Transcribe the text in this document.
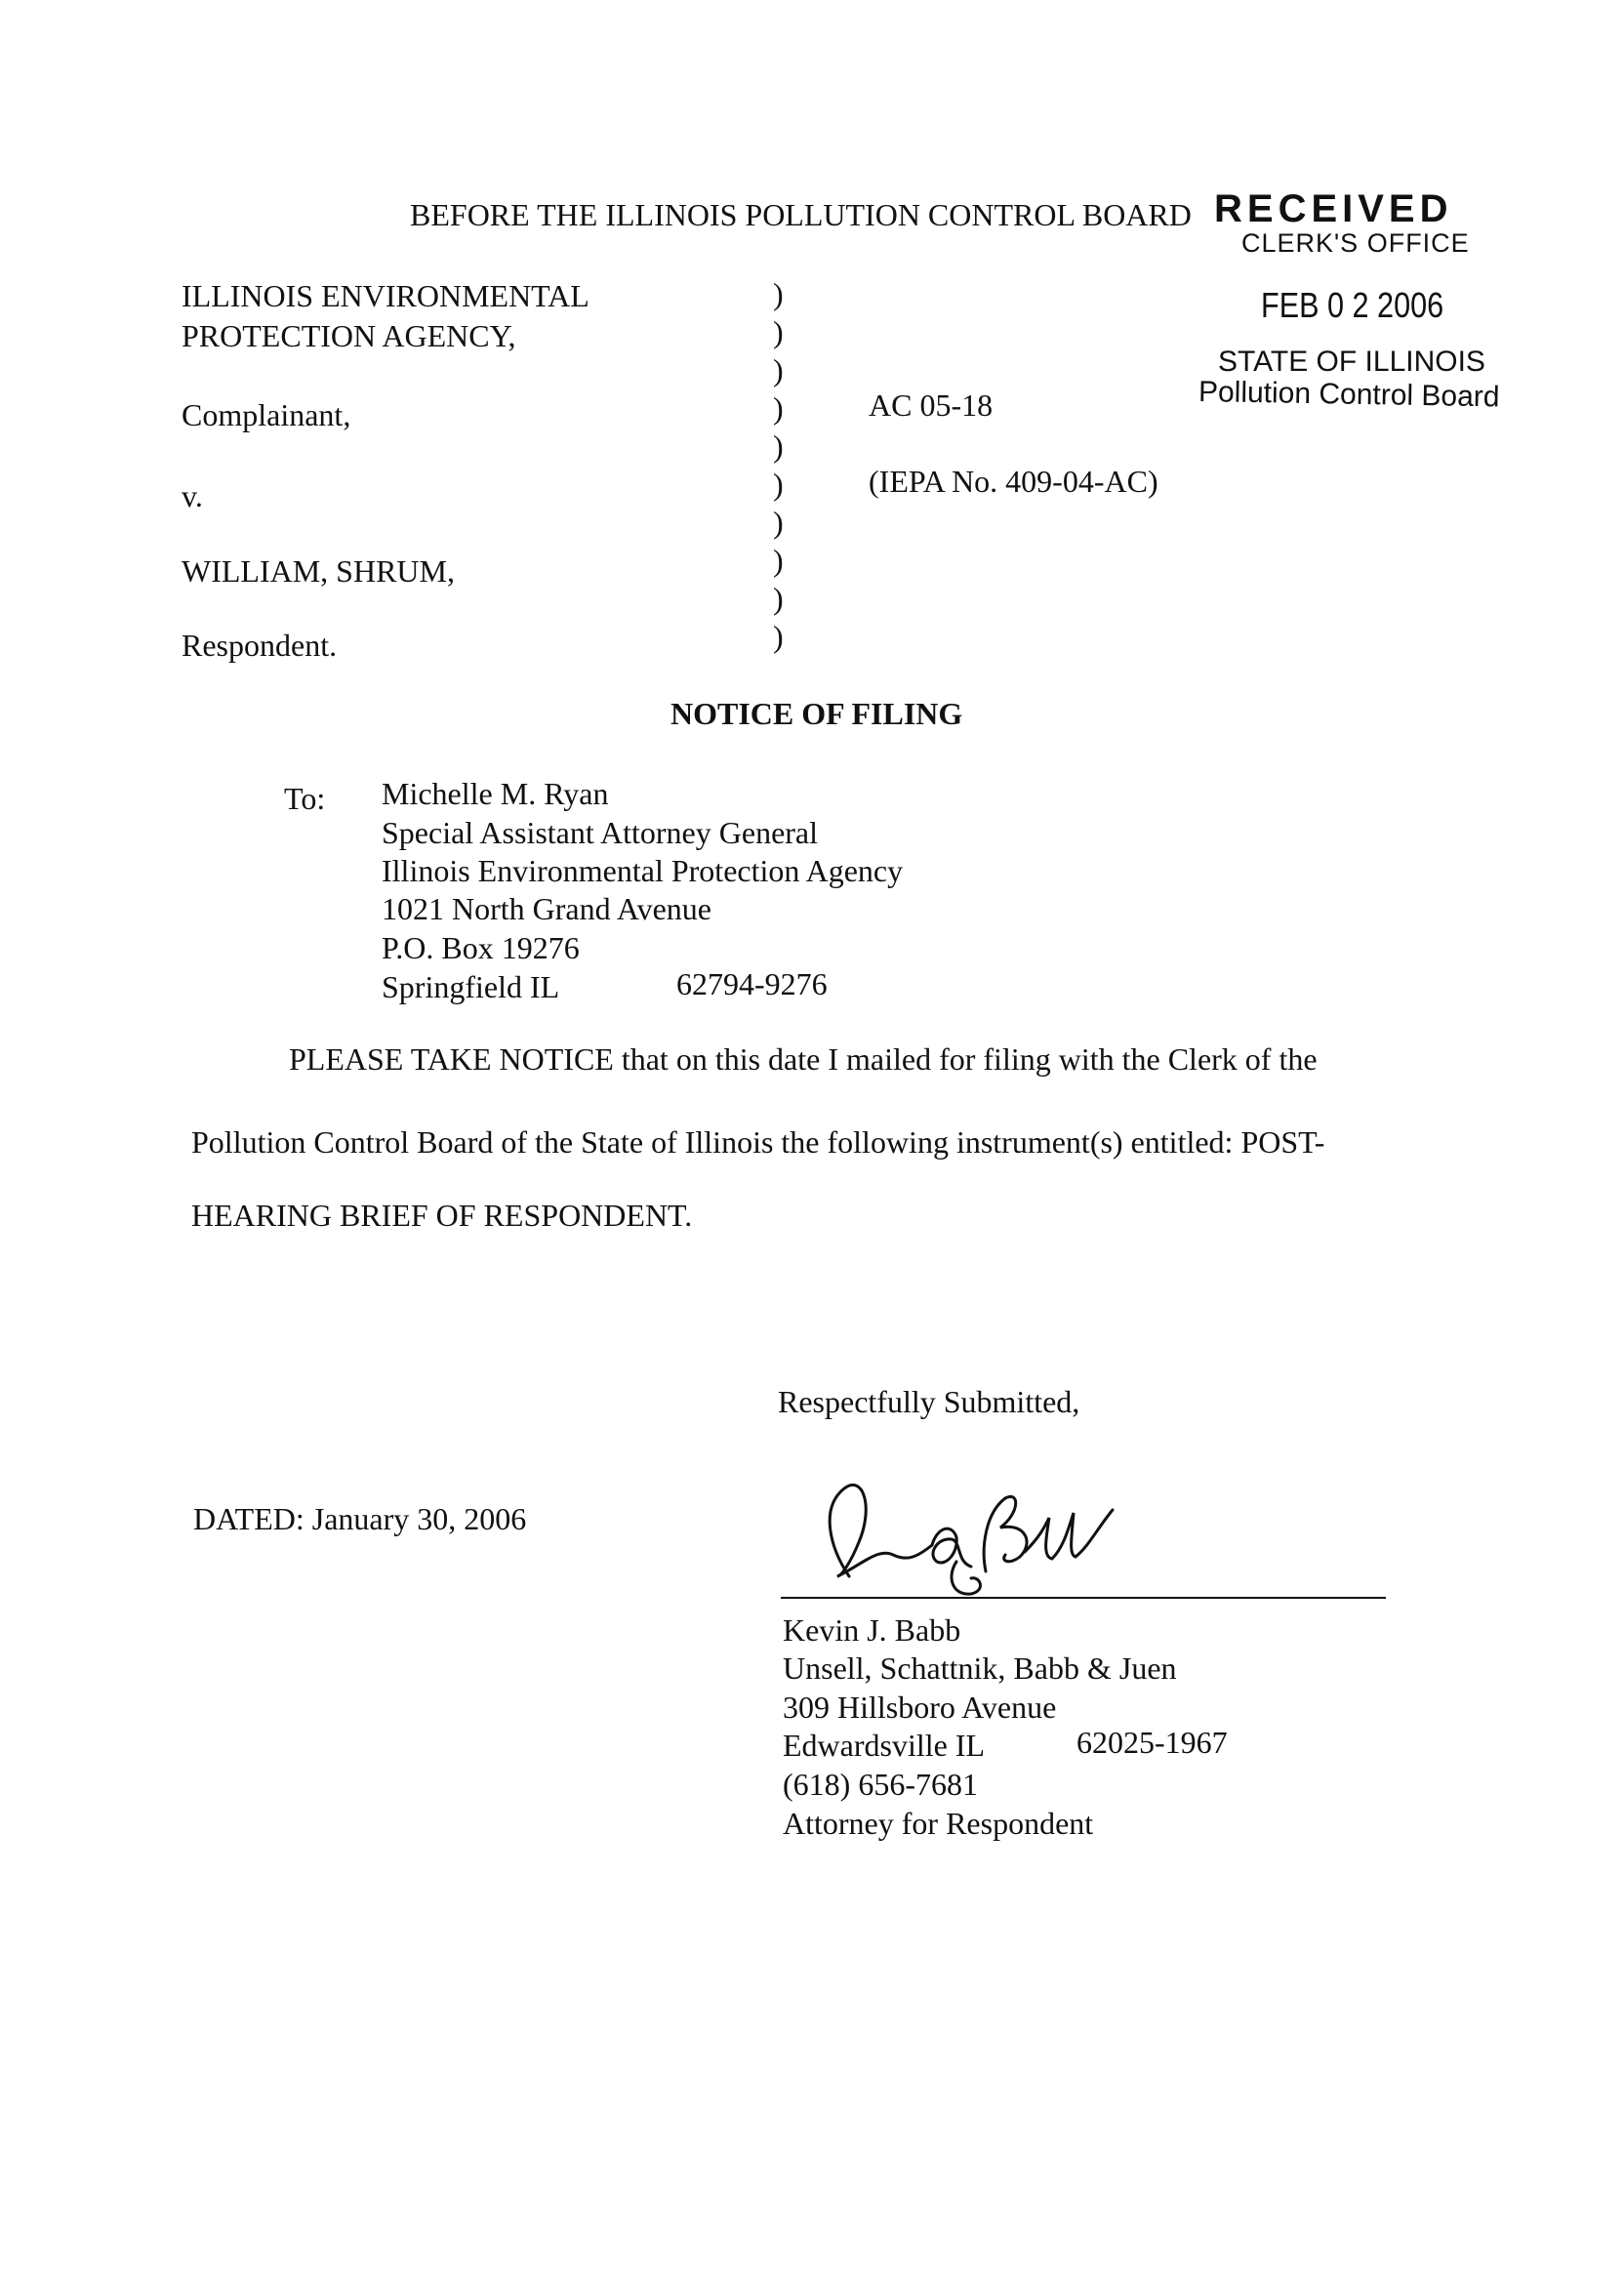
BEFORE THE ILLINOIS POLLUTION CONTROL BOARD RECEIVED
CLERK'S OFFICE
FEB 0 2 2006
STATE OF ILLINOIS
Pollution Control Board
ILLINOIS ENVIRONMENTAL
PROTECTION AGENCY,
Complainant,
v.
WILLIAM, SHRUM,
Respondent.
)
)
)
)
)
)
)
)
)
)
AC 05-18
(IEPA No. 409-04-AC)
NOTICE OF FILING
To: Michelle M. Ryan
Special Assistant Attorney General
Illinois Environmental Protection Agency
1021 North Grand Avenue
P.O. Box 19276
Springfield IL	62794-9276
PLEASE TAKE NOTICE that on this date I mailed for filing with the Clerk of the
Pollution Control Board of the State of Illinois the following instrument(s) entitled: POST-
HEARING BRIEF OF RESPONDENT.
Respectfully Submitted,
DATED: January 30, 2006
Kevin J. Babb
Unsell, Schattnik, Babb & Juen
309 Hillsboro Avenue
Edwardsville IL	62025-1967
(618) 656-7681
Attorney for Respondent
